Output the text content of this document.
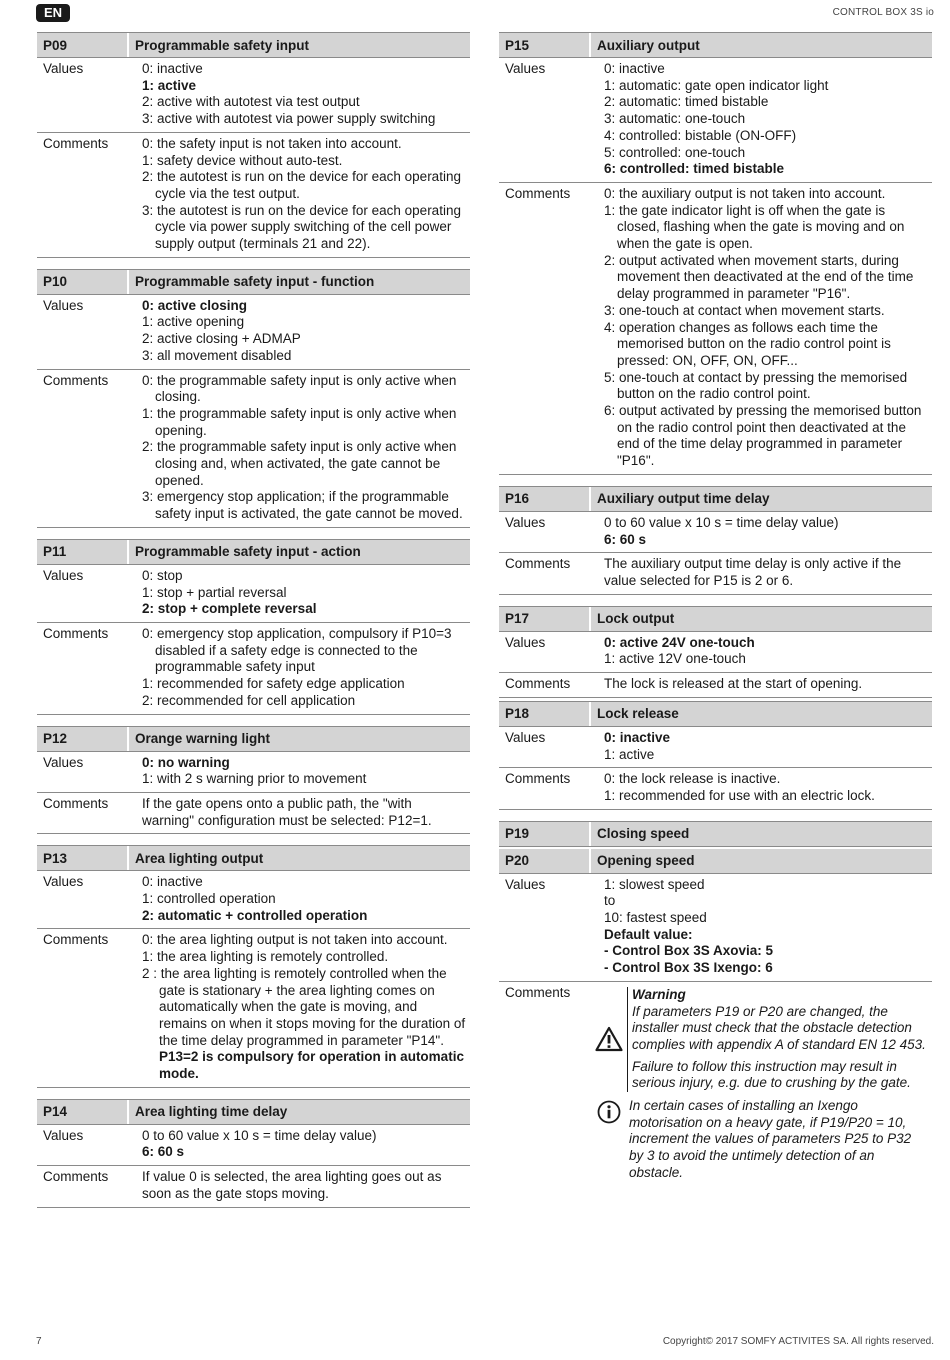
EN	CONTROL BOX 3S io
P09	Programmable safety input
Values	0: inactive
1: active
2: active with autotest via test output
3: active with autotest via power supply switching
Comments	0: the safety input is not taken into account.
1: safety device without auto-test.
2: the autotest is run on the device for each operating cycle via the test output.
3: the autotest is run on the device for each operating cycle via power supply switching of the cell power supply output (terminals 21 and 22).
P10	Programmable safety input - function
Values	0: active closing
1: active opening
2: active closing + ADMAP
3: all movement disabled
Comments	0: the programmable safety input is only active when closing.
1: the programmable safety input is only active when opening.
2: the programmable safety input is only active when closing and, when activated, the gate cannot be opened.
3: emergency stop application; if the programmable safety input is activated, the gate cannot be moved.
P11	Programmable safety input - action
Values	0: stop
1: stop + partial reversal
2: stop + complete reversal
Comments	0: emergency stop application, compulsory if P10=3 disabled if a safety edge is connected to the programmable safety input
1: recommended for safety edge application
2: recommended for cell application
P12	Orange warning light
Values	0: no warning
1: with 2 s warning prior to movement
Comments	If the gate opens onto a public path, the "with warning" configuration must be selected: P12=1.
P13	Area lighting output
Values	0: inactive
1: controlled operation
2: automatic + controlled operation
Comments	0: the area lighting output is not taken into account.
1: the area lighting is remotely controlled.
2 : the area lighting is remotely controlled when the gate is stationary + the area lighting comes on automatically when the gate is moving, and remains on when it stops moving for the duration of the time delay programmed in parameter "P14".
P13=2 is compulsory for operation in automatic mode.
P14	Area lighting time delay
Values	0 to 60 value x 10 s = time delay value)
6: 60 s
Comments	If value 0 is selected, the area lighting goes out as soon as the gate stops moving.
P15	Auxiliary output
Values	0: inactive
1: automatic: gate open indicator light
2: automatic: timed bistable
3: automatic: one-touch
4: controlled: bistable (ON-OFF)
5: controlled: one-touch
6: controlled: timed bistable
Comments	0: the auxiliary output is not taken into account.
1: the gate indicator light is off when the gate is closed, flashing when the gate is moving and on when the gate is open.
2: output activated when movement starts, during movement then deactivated at the end of the time delay programmed in parameter "P16".
3: one-touch at contact when movement starts.
4: operation changes as follows each time the memorised button on the radio control point is pressed: ON, OFF, ON, OFF...
5: one-touch at contact by pressing the memorised button on the radio control point.
6: output activated by pressing the memorised button on the radio control point then deactivated at the end of the time delay programmed in parameter "P16".
P16	Auxiliary output time delay
Values	0 to 60 value x 10 s = time delay value)
6: 60 s
Comments	The auxiliary output time delay is only active if the value selected for P15 is 2 or 6.
P17	Lock output
Values	0: active 24V one-touch
1: active 12V one-touch
Comments	The lock is released at the start of opening.
P18	Lock release
Values	0: inactive
1: active
Comments	0: the lock release is inactive.
1: recommended for use with an electric lock.
P19	Closing speed
P20	Opening speed
Values	1: slowest speed
to
10: fastest speed
Default value:
- Control Box 3S Axovia: 5
- Control Box 3S Ixengo: 6
Comments	Warning

If parameters P19 or P20 are changed, the installer must check that the obstacle detection complies with appendix A of standard EN 12 453.

Failure to follow this instruction may result in serious injury, e.g. due to crushing by the gate.

In certain cases of installing an Ixengo motorisation on a heavy gate, if P19/P20 = 10, increment the values of parameters P25 to P32 by 3 to avoid the untimely detection of an obstacle.
7	Copyright© 2017 SOMFY ACTIVITES SA. All rights reserved.
